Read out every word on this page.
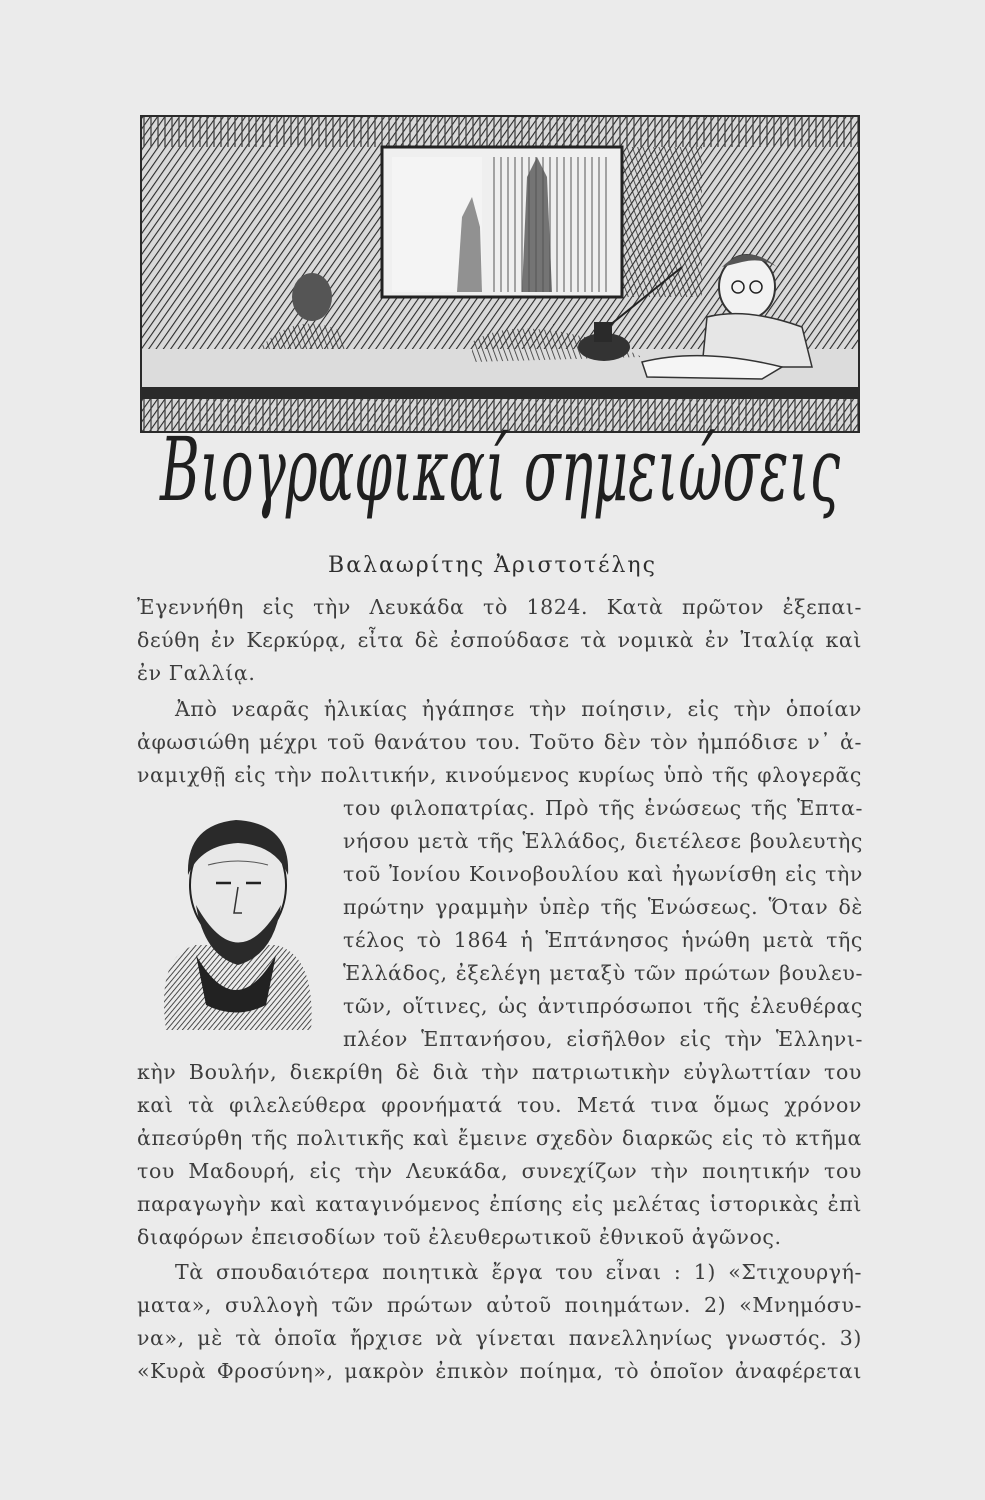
Βιογραφικαί σημειώσεις
Βαλαωρίτης Ἀριστοτέλης
Ἐγεννήθη εἰς τὴν Λευκάδα τὸ 1824. Κατὰ πρῶτον ἐξεπαι-
δεύθη ἐν Κερκύρᾳ, εἶτα δὲ ἐσπούδασε τὰ νομικὰ ἐν Ἰταλίᾳ καὶ
ἐν Γαλλίᾳ.
Ἀπὸ νεαρᾶς ἡλικίας ἠγάπησε τὴν ποίησιν, εἰς τὴν ὁποίαν
ἀφωσιώθη μέχρι τοῦ θανάτου του. Τοῦτο δὲν τὸν ἠμπόδισε ν᾽ ἀ-
ναμιχθῇ εἰς τὴν πολιτικήν, κινούμενος κυρίως ὑπὸ τῆς φλογερᾶς
του φιλοπατρίας. Πρὸ τῆς ἑνώσεως τῆς Ἑπτα-
νήσου μετὰ τῆς Ἑλλάδος, διετέλεσε βουλευτὴς
τοῦ Ἰονίου Κοινοβουλίου καὶ ἠγωνίσθη εἰς τὴν
πρώτην γραμμὴν ὑπὲρ τῆς Ἑνώσεως. Ὅταν δὲ
τέλος τὸ 1864 ἡ Ἑπτάνησος ἡνώθη μετὰ τῆς
Ἑλλάδος, ἐξελέγη μεταξὺ τῶν πρώτων βουλευ-
τῶν, οἵτινες, ὡς ἀντιπρόσωποι τῆς ἐλευθέρας
πλέον Ἑπτανήσου, εἰσῆλθον εἰς τὴν Ἑλληνι-
κὴν Βουλήν, διεκρίθη δὲ διὰ τὴν πατριωτικὴν εὐγλωττίαν του
καὶ τὰ φιλελεύθερα φρονήματά του. Μετά τινα ὅμως χρόνον
ἀπεσύρθη τῆς πολιτικῆς καὶ ἔμεινε σχεδὸν διαρκῶς εἰς τὸ κτῆμα
του Μαδουρή, εἰς τὴν Λευκάδα, συνεχίζων τὴν ποιητικήν του
παραγωγὴν καὶ καταγινόμενος ἐπίσης εἰς μελέτας ἱστορικὰς ἐπὶ
διαφόρων ἐπεισοδίων τοῦ ἐλευθερωτικοῦ ἐθνικοῦ ἀγῶνος.
Τὰ σπουδαιότερα ποιητικὰ ἔργα του εἶναι : 1) «Στιχουργή-
ματα», συλλογὴ τῶν πρώτων αὐτοῦ ποιημάτων. 2) «Μνημόσυ-
να», μὲ τὰ ὁποῖα ἤρχισε νὰ γίνεται πανελληνίως γνωστός. 3)
«Κυρὰ Φροσύνη», μακρὸν ἐπικὸν ποίημα, τὸ ὁποῖον ἀναφέρεται
